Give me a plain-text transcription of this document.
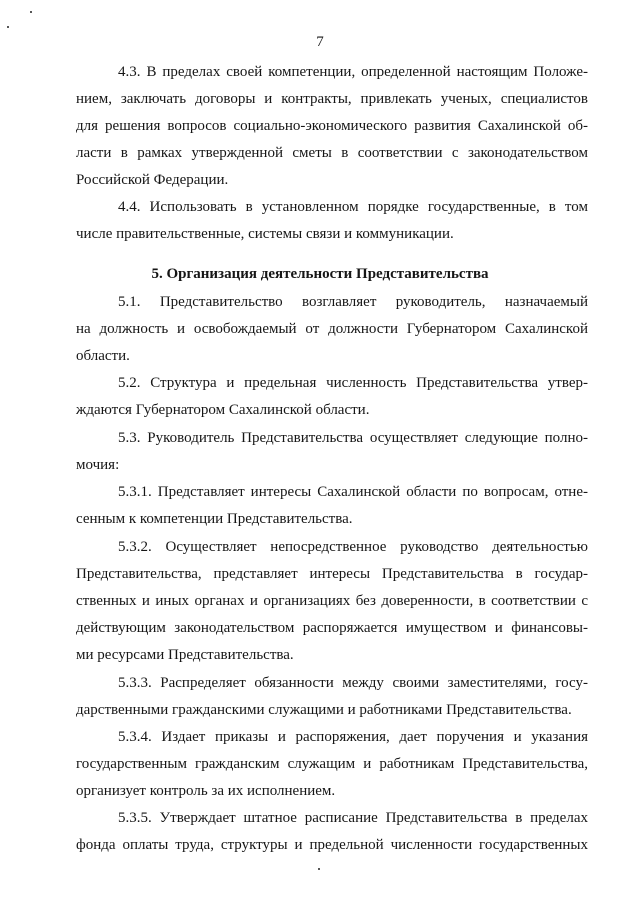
7
4.3. В пределах своей компетенции, определенной настоящим Положе-
нием, заключать договоры и контракты, привлекать ученых, специалистов
для решения вопросов социально-экономического развития Сахалинской об-
ласти в рамках утвержденной сметы в соответствии с законодательством
Российской Федерации.
4.4. Использовать в установленном порядке государственные, в том
числе правительственные, системы связи и коммуникации.
5. Организация деятельности Представительства
5.1. Представительство возглавляет руководитель, назначаемый
на должность и освобождаемый от должности Губернатором Сахалинской
области.
5.2. Структура и предельная численность Представительства утвер-
ждаются Губернатором Сахалинской области.
5.3. Руководитель Представительства осуществляет следующие полно-
мочия:
5.3.1. Представляет интересы Сахалинской области по вопросам, отне-
сенным к компетенции Представительства.
5.3.2. Осуществляет непосредственное руководство деятельностью
Представительства, представляет интересы Представительства в государ-
ственных и иных органах и организациях без доверенности, в соответствии с
действующим законодательством распоряжается имуществом и финансовы-
ми ресурсами Представительства.
5.3.3. Распределяет обязанности между своими заместителями, госу-
дарственными гражданскими служащими и работниками Представительства.
5.3.4. Издает приказы и распоряжения, дает поручения и указания
государственным гражданским служащим и работникам Представительства,
организует контроль за их исполнением.
5.3.5. Утверждает штатное расписание Представительства в пределах
фонда оплаты труда, структуры и предельной численности государственных
